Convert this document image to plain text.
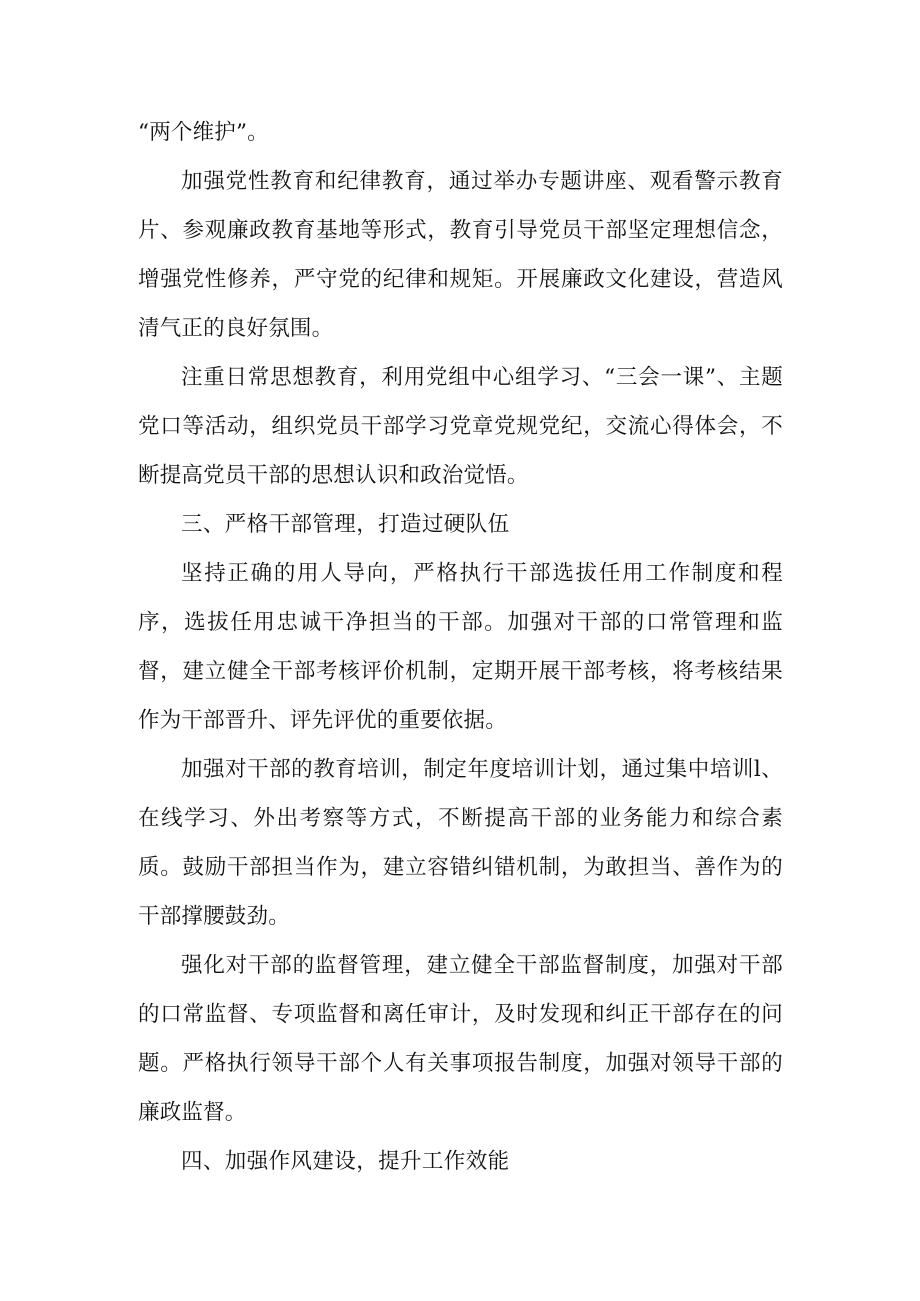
“两个维护”。

加强党性教育和纪律教育，通过举办专题讲座、观看警示教育片、参观廉政教育基地等形式，教育引导党员干部坚定理想信念，增强党性修养，严守党的纪律和规矩。开展廉政文化建设，营造风清气正的良好氛围。

注重日常思想教育，利用党组中心组学习、“三会一课”、主题党口等活动，组织党员干部学习党章党规党纪，交流心得体会，不断提高党员干部的思想认识和政治觉悟。

三、严格干部管理，打造过硬队伍

坚持正确的用人导向，严格执行干部选拔任用工作制度和程序，选拔任用忠诚干净担当的干部。加强对干部的口常管理和监督，建立健全干部考核评价机制，定期开展干部考核，将考核结果作为干部晋升、评先评优的重要依据。

加强对干部的教育培训，制定年度培训计划，通过集中培训l、在线学习、外出考察等方式，不断提高干部的业务能力和综合素质。鼓励干部担当作为，建立容错纠错机制，为敢担当、善作为的干部撑腰鼓劲。

强化对干部的监督管理，建立健全干部监督制度，加强对干部的口常监督、专项监督和离任审计，及时发现和纠正干部存在的问题。严格执行领导干部个人有关事项报告制度，加强对领导干部的廉政监督。

四、加强作风建设，提升工作效能
